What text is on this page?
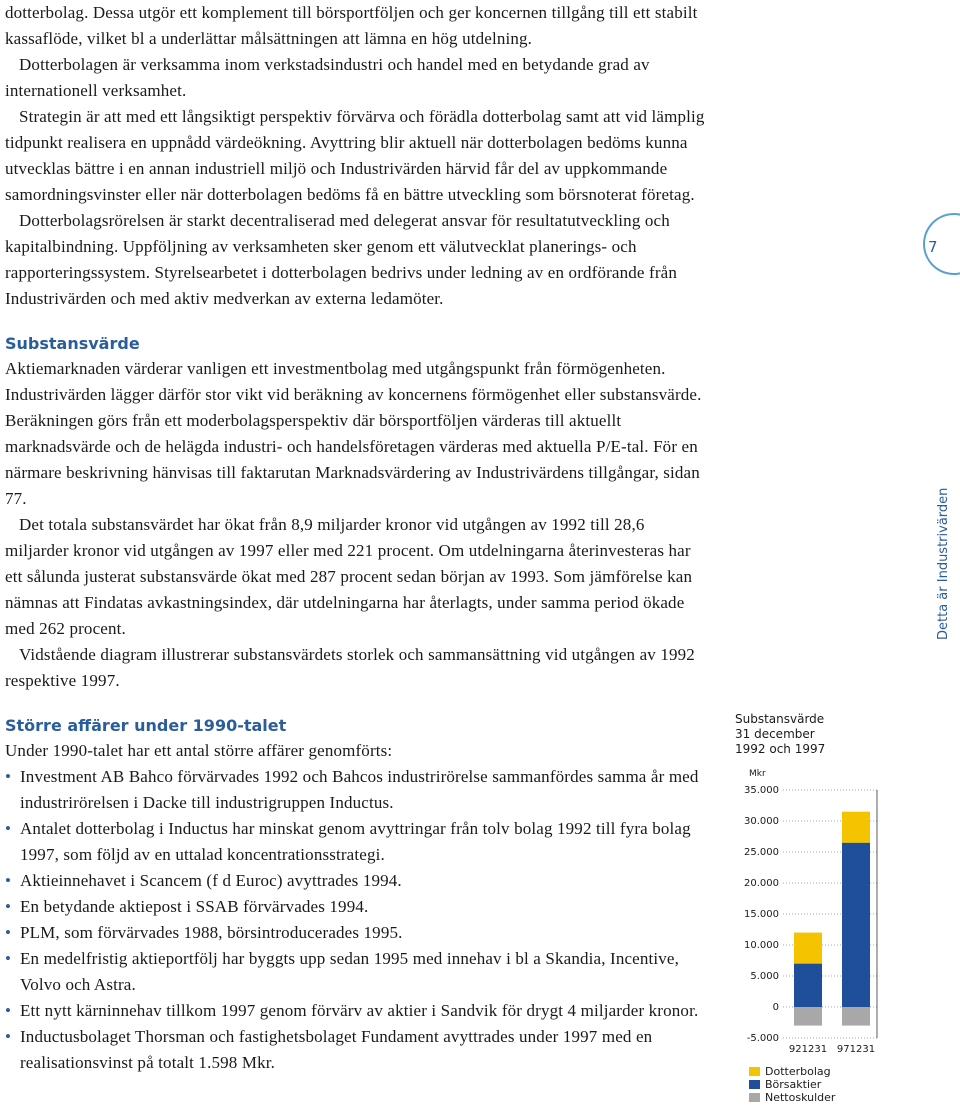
dotterbolag. Dessa utgör ett komplement till börsportföljen och ger koncernen tillgång till ett stabilt kassaflöde, vilket bl a underlättar målsättningen att lämna en hög utdelning.

Dotterbolagen är verksamma inom verkstadsindustri och handel med en betydande grad av internationell verksamhet.

Strategin är att med ett långsiktigt perspektiv förvärva och förädla dotterbolag samt att vid lämplig tidpunkt realisera en uppnådd värdeökning. Avyttring blir aktuell när dotterbolagen bedöms kunna utvecklas bättre i en annan industriell miljö och Industrivärden härvid får del av uppkommande samordningsvinster eller när dotterbolagen bedöms få en bättre utveckling som börsnoterat företag.

Dotterbolagsrörelsen är starkt decentraliserad med delegerat ansvar för resultatutveckling och kapitalbindning. Uppföljning av verksamheten sker genom ett välutvecklat planerings- och rapporteringssystem. Styrelsearbetet i dotterbolagen bedrivs under ledning av en ordförande från Industrivärden och med aktiv medverkan av externa ledamöter.

Substansvärde

Aktiemarknaden värderar vanligen ett investmentbolag med utgångspunkt från förmögenheten. Industrivärden lägger därför stor vikt vid beräkning av koncernens förmögenhet eller substansvärde. Beräkningen görs från ett moderbolagsperspektiv där börsportföljen värderas till aktuellt marknadsvärde och de helägda industri- och handelsföretagen värderas med aktuella P/E-tal. För en närmare beskrivning hänvisas till faktarutan Marknadsvärdering av Industrivärdens tillgångar, sidan 77.

Det totala substansvärdet har ökat från 8,9 miljarder kronor vid utgången av 1992 till 28,6 miljarder kronor vid utgången av 1997 eller med 221 procent. Om utdelningarna återinvesteras har ett sålunda justerat substansvärde ökat med 287 procent sedan början av 1993. Som jämförelse kan nämnas att Findatas avkastningsindex, där utdelningarna har återlagts, under samma period ökade med 262 procent.

Vidstående diagram illustrerar substansvärdets storlek och sammansättning vid utgången av 1992 respektive 1997.

Större affärer under 1990-talet

Under 1990-talet har ett antal större affärer genomförts:

• Investment AB Bahco förvärvades 1992 och Bahcos industrirörelse sammanfördes samma år med industrirörelsen i Dacke till industrigruppen Inductus.
• Antalet dotterbolag i Inductus har minskat genom avyttringar från tolv bolag 1992 till fyra bolag 1997, som följd av en uttalad koncentrationsstrategi.
• Aktieinnehavet i Scancem (f d Euroc) avyttrades 1994.
• En betydande aktiepost i SSAB förvärvades 1994.
• PLM, som förvärvades 1988, börsintroducerades 1995.
• En medelfristig aktieportfölj har byggts upp sedan 1995 med innehav i bl a Skandia, Incentive, Volvo och Astra.
• Ett nytt kärninnehav tillkom 1997 genom förvärv av aktier i Sandvik för drygt 4 miljarder kronor.
• Inductusbolaget Thorsman och fastighetsbolaget Fundament avyttrades under 1997 med en realisationsvinst på totalt 1.598 Mkr.
7
Detta är Industrivärden
Substansvärde
31 december
1992 och 1997
Mkr
-5.000
0
5.000
10.000
15.000
20.000
25.000
30.000
35.000
921231 971231
Dotterbolag
Börsaktier
Nettoskulder
